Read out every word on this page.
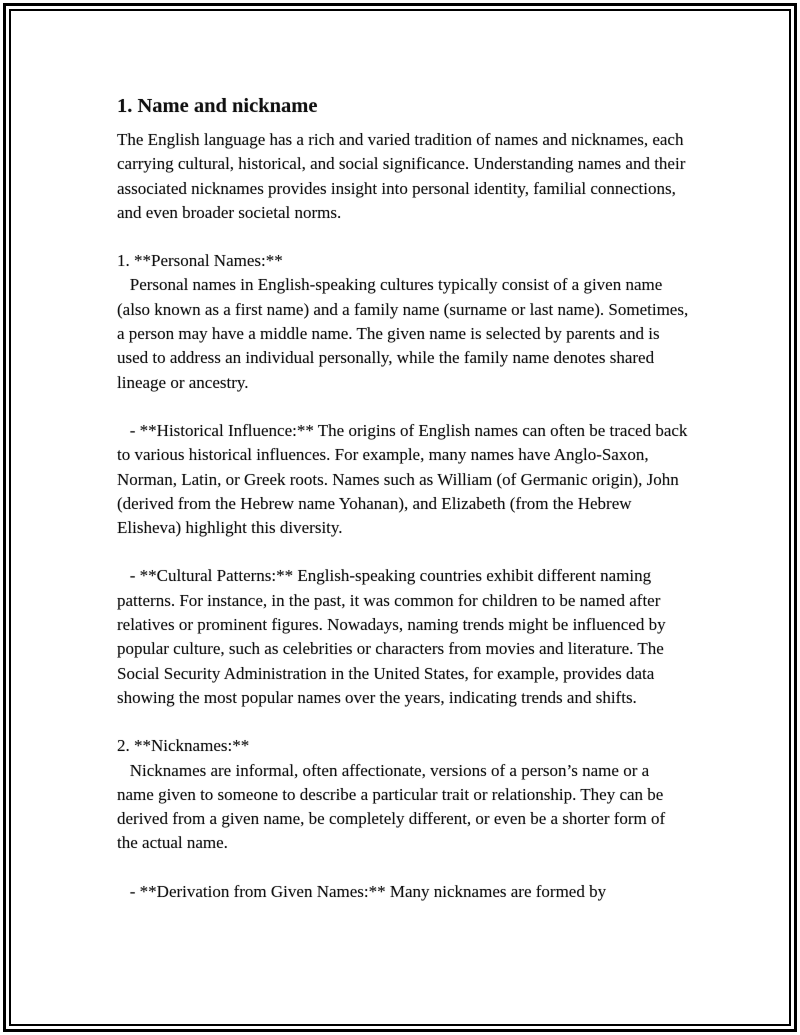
1. Name and nickname

The English language has a rich and varied tradition of names and nicknames, each carrying cultural, historical, and social significance. Understanding names and their associated nicknames provides insight into personal identity, familial connections, and even broader societal norms.

1. **Personal Names:**

Personal names in English-speaking cultures typically consist of a given name (also known as a first name) and a family name (surname or last name). Sometimes, a person may have a middle name. The given name is selected by parents and is used to address an individual personally, while the family name denotes shared lineage or ancestry.

- **Historical Influence:** The origins of English names can often be traced back to various historical influences. For example, many names have Anglo-Saxon, Norman, Latin, or Greek roots. Names such as William (of Germanic origin), John (derived from the Hebrew name Yohanan), and Elizabeth (from the Hebrew Elisheva) highlight this diversity.

- **Cultural Patterns:** English-speaking countries exhibit different naming patterns. For instance, in the past, it was common for children to be named after relatives or prominent figures. Nowadays, naming trends might be influenced by popular culture, such as celebrities or characters from movies and literature. The Social Security Administration in the United States, for example, provides data showing the most popular names over the years, indicating trends and shifts.

2. **Nicknames:**

Nicknames are informal, often affectionate, versions of a person’s name or a name given to someone to describe a particular trait or relationship. They can be derived from a given name, be completely different, or even be a shorter form of the actual name.

- **Derivation from Given Names:** Many nicknames are formed by
